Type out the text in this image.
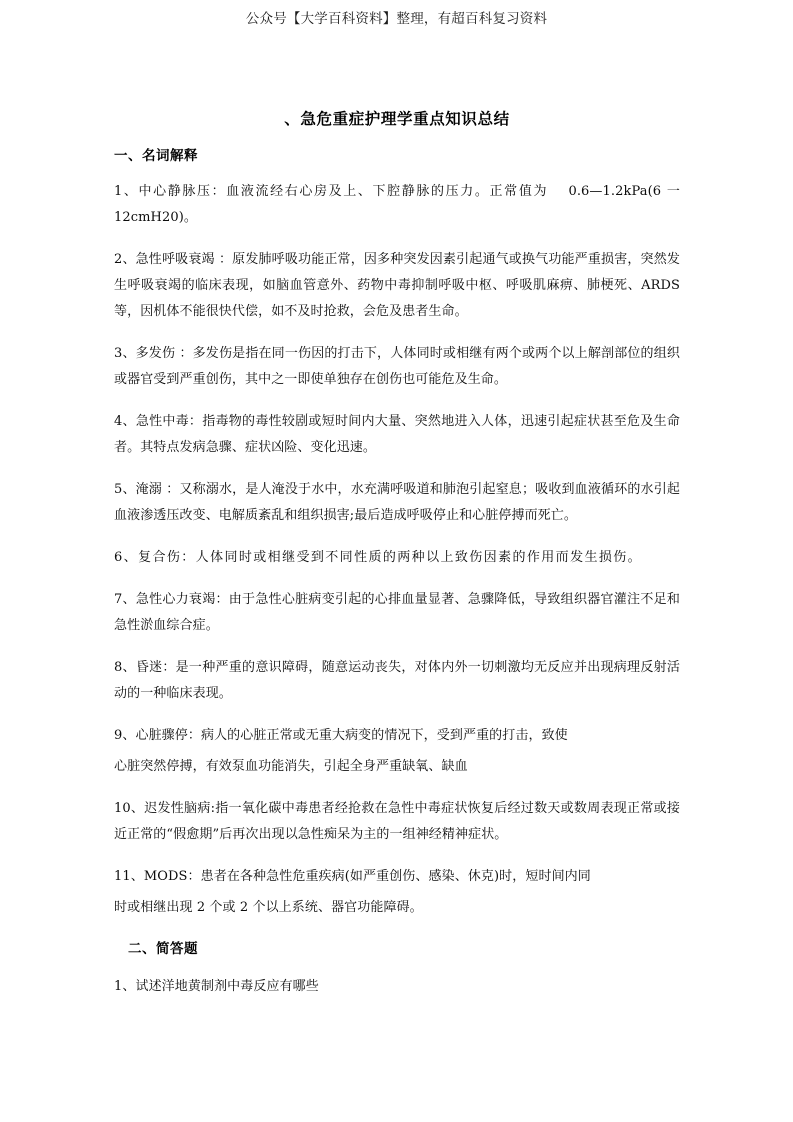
公众号【大学百科资料】整理，有超百科复习资料
、急危重症护理学重点知识总结
一、名词解释

1、中心静脉压：血液流经右心房及上、下腔静脉的压力。正常值为 　0.6—1.2kPa(6 一12cmH20)。

2、急性呼吸衰竭 ：原发肺呼吸功能正常，因多种突发因素引起通气或换气功能严重损害，突然发生呼吸衰竭的临床表现，如脑血管意外、药物中毒抑制呼吸中枢、呼吸肌麻痹、肺梗死、ARDS 等，因机体不能很快代偿，如不及时抢救，会危及患者生命。

3、多发伤 ：多发伤是指在同一伤因的打击下，人体同时或相继有两个或两个以上解剖部位的组织或器官受到严重创伤，其中之一即使单独存在创伤也可能危及生命。

4、急性中毒：指毒物的毒性较剧或短时间内大量、突然地进入人体，迅速引起症状甚至危及生命者。其特点发病急骤、症状凶险、变化迅速。

5、淹溺 ：又称溺水，是人淹没于水中，水充满呼吸道和肺泡引起窒息；吸收到血液循环的水引起血液渗透压改变、电解质紊乱和组织损害;最后造成呼吸停止和心脏停搏而死亡。

6、复合伤：人体同时或相继受到不同性质的两种以上致伤因素的作用而发生损伤。

7、急性心力衰竭：由于急性心脏病变引起的心排血量显著、急骤降低，导致组织器官灌注不足和急性淤血综合症。

8、昏迷：是一种严重的意识障碍，随意运动丧失，对体内外一切刺激均无反应并出现病理反射活动的一种临床表现。

9、心脏骤停：病人的心脏正常或无重大病变的情况下，受到严重的打击，致使

心脏突然停搏，有效泵血功能消失，引起全身严重缺氧、缺血

10、迟发性脑病:指一氧化碳中毒患者经抢救在急性中毒症状恢复后经过数天或数周表现正常或接近正常的“假愈期”后再次出现以急性痴呆为主的一组神经精神症状。

11、MODS：患者在各种急性危重疾病(如严重创伤、感染、休克)时，短时间内同

时或相继出现 2 个或 2 个以上系统、器官功能障碍。

二、简答题

1、试述洋地黄制剂中毒反应有哪些
